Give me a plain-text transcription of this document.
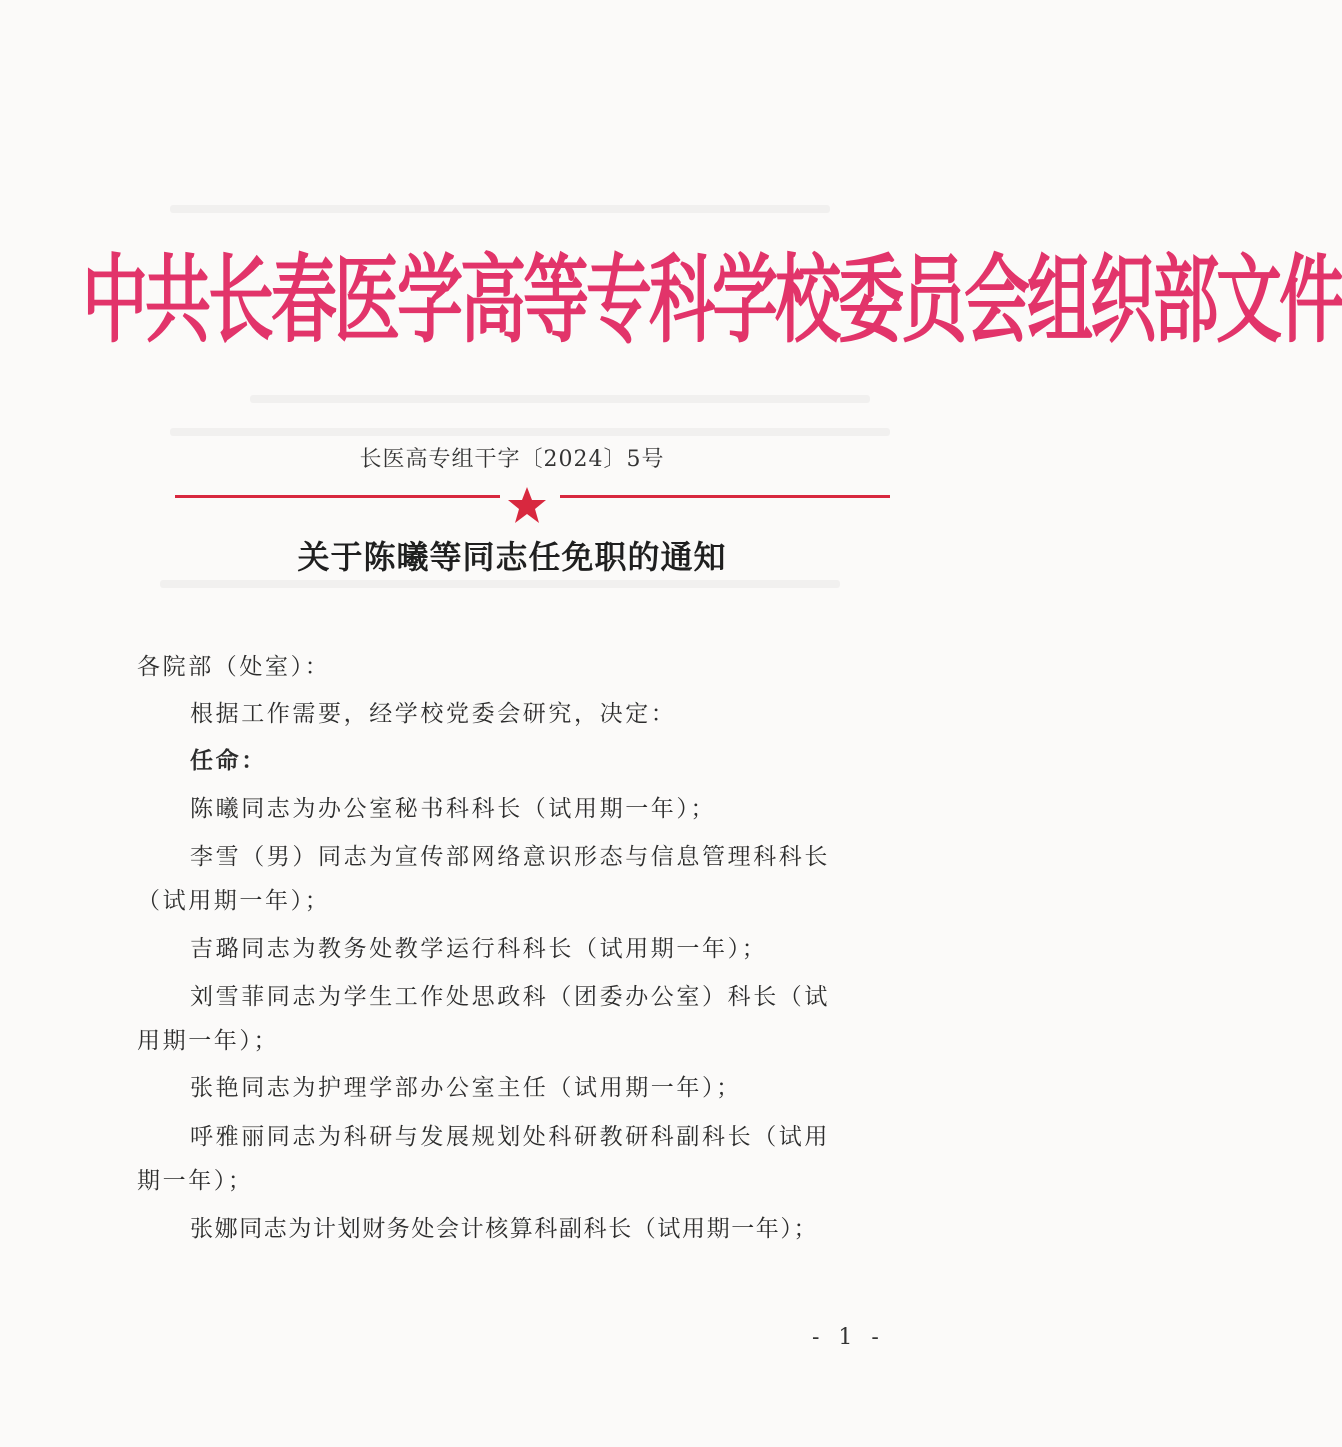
中共长春医学高等专科学校委员会组织部文件
长医高专组干字〔2024〕5号
关于陈曦等同志任免职的通知
各院部（处室）：
根据工作需要，经学校党委会研究，决定：
任命：
陈曦同志为办公室秘书科科长（试用期一年）；
李雪（男）同志为宣传部网络意识形态与信息管理科科长
（试用期一年）；
吉璐同志为教务处教学运行科科长（试用期一年）；
刘雪菲同志为学生工作处思政科（团委办公室）科长（试
用期一年）；
张艳同志为护理学部办公室主任（试用期一年）；
呼雅丽同志为科研与发展规划处科研教研科副科长（试用
期一年）；
张娜同志为计划财务处会计核算科副科长（试用期一年）；
- 1 -
